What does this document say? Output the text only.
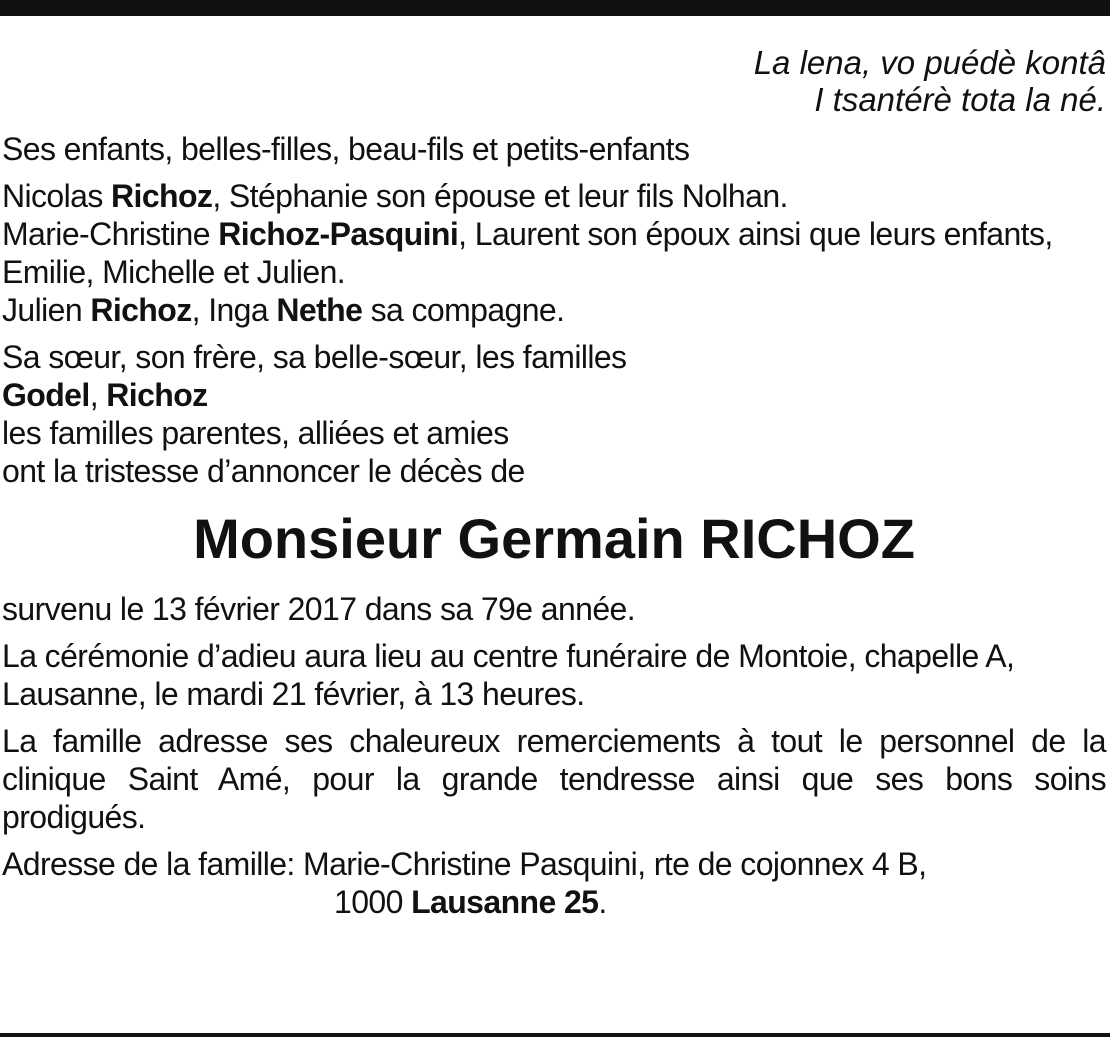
La lena, vo puédè kontâ
I tsantérè tota la né.
Ses enfants, belles-filles, beau-fils et petits-enfants
Nicolas Richoz, Stéphanie son épouse et leur fils Nolhan.
Marie-Christine Richoz-Pasquini, Laurent son époux ainsi que leurs enfants,
Emilie, Michelle et Julien.
Julien Richoz, Inga Nethe sa compagne.
Sa sœur, son frère, sa belle-sœur, les familles
Godel, Richoz
les familles parentes, alliées et amies
ont la tristesse d’annoncer le décès de
Monsieur Germain RICHOZ
survenu le 13 février 2017 dans sa 79e année.
La cérémonie d’adieu aura lieu au centre funéraire de Montoie, chapelle A, Lausanne, le mardi 21 février, à 13 heures.
La famille adresse ses chaleureux remerciements à tout le personnel de la clinique Saint Amé, pour la grande tendresse ainsi que ses bons soins prodigués.
Adresse de la famille: Marie-Christine Pasquini, rte de cojonnex 4 B,
1000 Lausanne 25.
